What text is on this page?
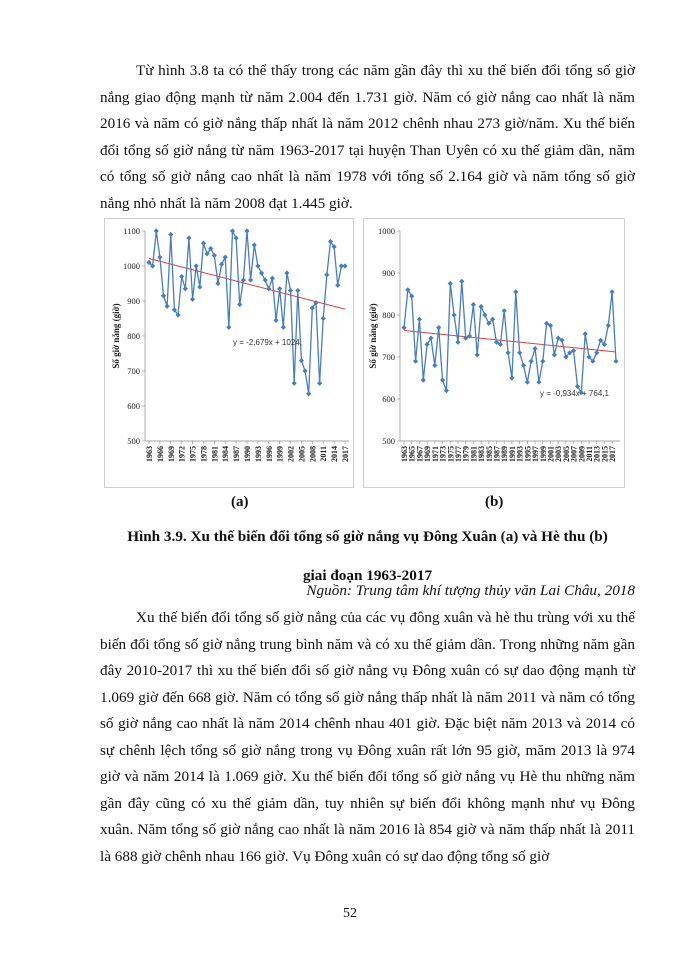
Từ hình 3.8 ta có thể thấy trong các năm gần đây thì xu thế biến đổi tổng số giờ nắng giao động mạnh từ năm 2.004 đến 1.731 giờ. Năm có giờ nắng cao nhất là năm 2016 và năm có giờ nắng thấp nhất là năm 2012 chênh nhau 273 giờ/năm. Xu thế biến đổi tổng số giờ nắng từ năm 1963-2017 tại huyện Than Uyên có xu thế giảm dần, năm có tổng số giờ nắng cao nhất là năm 1978 với tổng số 2.164 giờ và năm tổng số giờ nắng nhỏ nhất là năm 2008 đạt 1.445 giờ.

500
600
700
800
900
1000
1100
Số giờ nắng (giờ)
1963 1966 1969 1972 1975 1978 1981 1984 1987 1990 1993 1996 1999 2002 2005 2008 2011 2014 2017
y = -2,679x + 1024,
500
600
700
800
900
1000
Số giờ nắng (giờ)
1963
1965
1967
1969
1971
1973
1975
1977
1979
1981
1983
1985
1987
1989
1991
1993
1995
1997
1999
2001
2003
2005
2007
2009
2011
2013
2015
2017
y = -0,934x + 764,1
(a)	(b)
Hình 3.9. Xu thế biến đổi tổng số giờ nắng vụ Đông Xuân (a) và Hè thu (b)
giai đoạn 1963-2017
Nguồn: Trung tâm khí tượng thủy văn Lai Châu, 2018

Xu thế biến đổi tổng số giờ nắng của các vụ đông xuân và hè thu trùng với xu thế biến đổi tổng số giờ nắng trung bình năm và có xu thế giảm dần. Trong những năm gần đây 2010-2017 thì xu thế biến đổi số giờ nắng vụ Đông xuân có sự dao động mạnh từ 1.069 giờ đến 668 giờ. Năm có tổng số giờ nắng thấp nhất là năm 2011 và năm có tổng số giờ nắng cao nhất là năm 2014 chênh nhau 401 giờ. Đặc biệt năm 2013 và 2014 có sự chênh lệch tổng số giờ nắng trong vụ Đông xuân rất lớn 95 giờ, măm 2013 là 974 giờ và năm 2014 là 1.069 giờ. Xu thế biến đổi tổng số giờ nắng vụ Hè thu những năm gần đây cũng có xu thế giảm dần, tuy nhiên sự biến đổi không mạnh như vụ Đông xuân. Năm tổng số giờ nắng cao nhất là năm 2016 là 854 giờ và năm thấp nhất là 2011 là 688 giờ chênh nhau 166 giờ. Vụ Đông xuân có sự dao động tổng số giờ

52
